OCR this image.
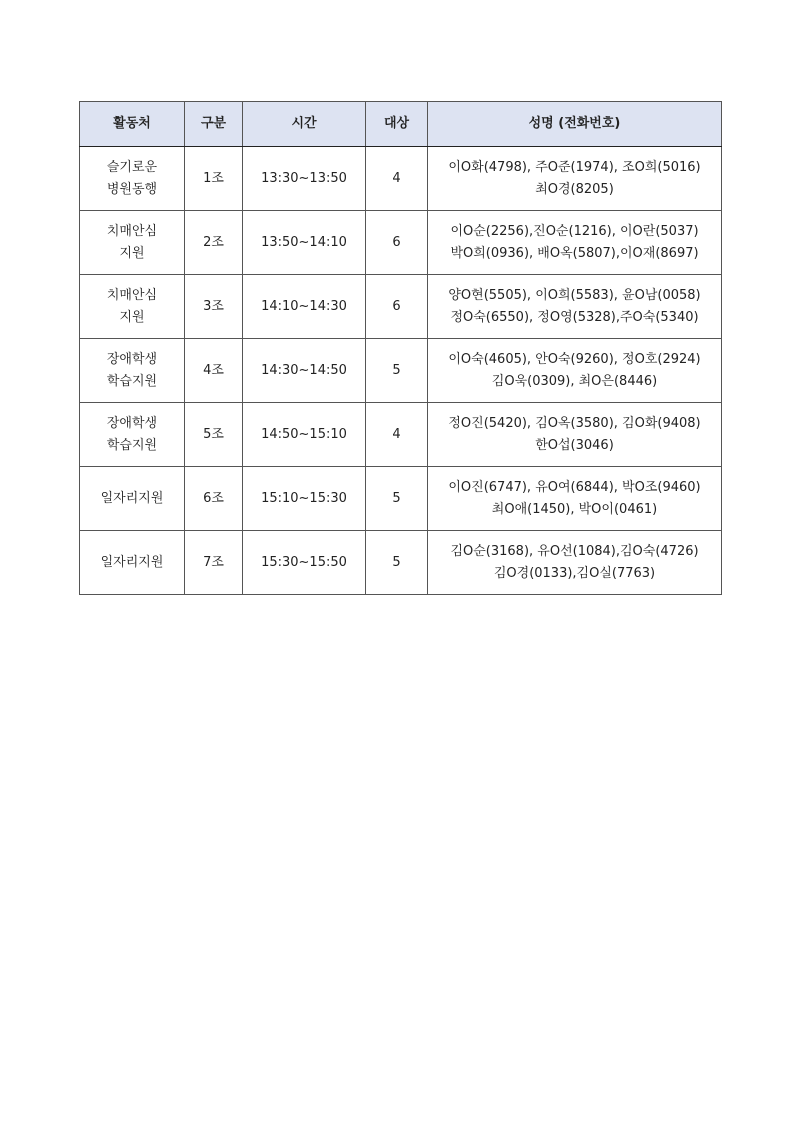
활동처	구분	시간	대상	성명 (전화번호)

슬기로운
병원동행	1조	13:30~13:50	4	이O화(4798), 주O준(1974), 조O희(5016)
최O경(8205)

치매안심
지원	2조	13:50~14:10	6	이O순(2256),진O순(1216), 이O란(5037)
박O희(0936), 배O옥(5807),이O재(8697)

치매안심
지원	3조	14:10~14:30	6	양O현(5505), 이O희(5583), 윤O남(0058)
정O숙(6550), 정O영(5328),주O숙(5340)

장애학생
학습지원	4조	14:30~14:50	5	이O숙(4605), 안O숙(9260), 정O호(2924)
김O욱(0309), 최O은(8446)

장애학생
학습지원	5조	14:50~15:10	4	정O진(5420), 김O옥(3580), 김O화(9408)
한O섭(3046)

일자리지원	6조	15:10~15:30	5	이O진(6747), 유O여(6844), 박O조(9460)
최O애(1450), 박O이(0461)

일자리지원	7조	15:30~15:50	5	김O순(3168), 유O선(1084),김O숙(4726)
김O경(0133),김O실(7763)
